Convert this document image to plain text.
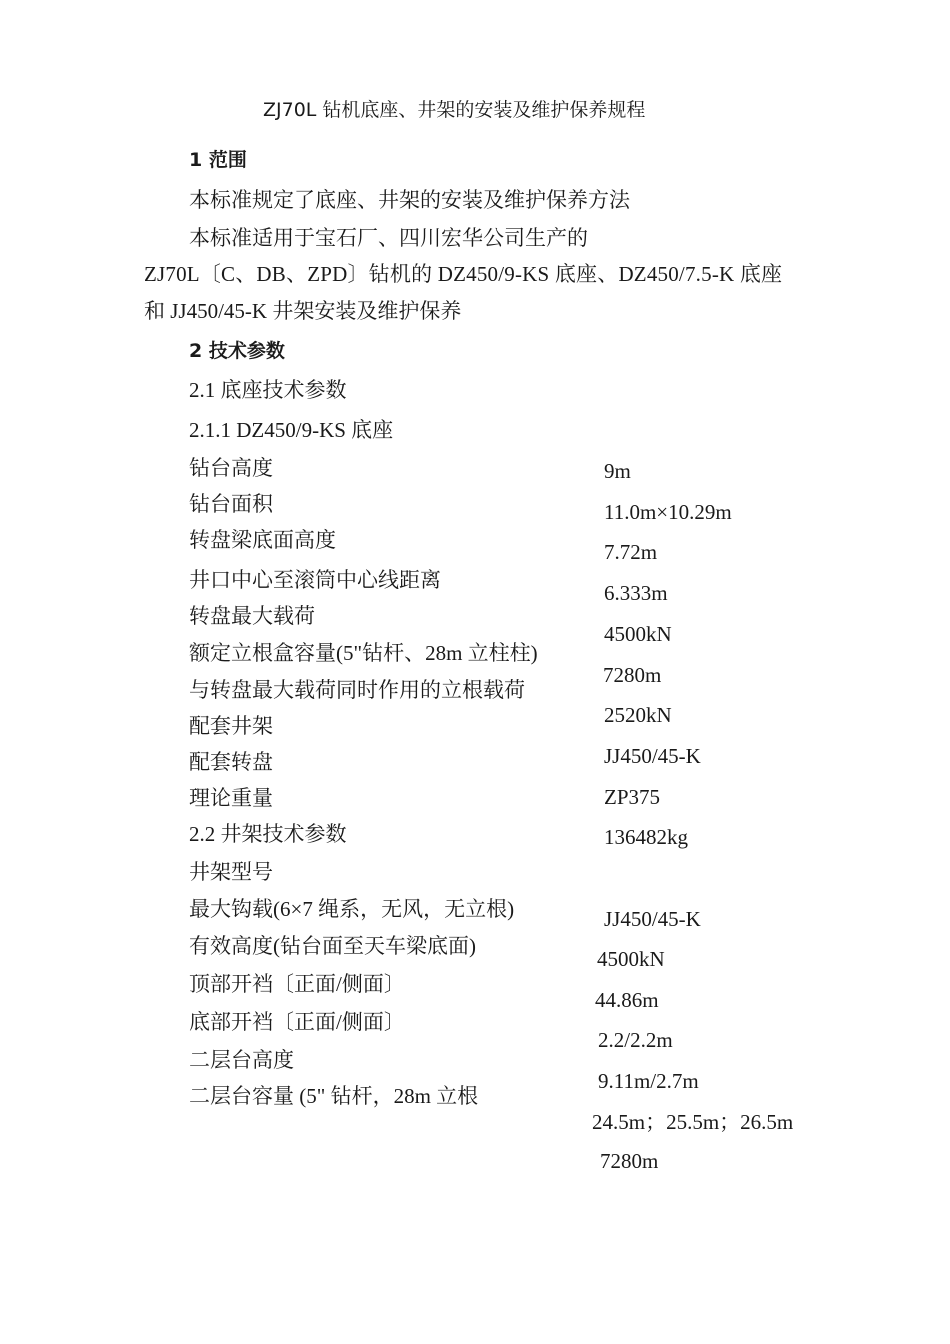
ZJ70L 钻机底座、井架的安装及维护保养规程
1 范围
本标准规定了底座、井架的安装及维护保养方法
本标准适用于宝石厂、四川宏华公司生产的
ZJ70L〔C、DB、ZPD〕钻机的 DZ450/9-KS 底座、DZ450/7.5-K 底座
和 JJ450/45-K 井架安装及维护保养
2 技术参数
2.1 底座技术参数
2.1.1 DZ450/9-KS 底座
钻台高度
钻台面积
转盘梁底面高度
井口中心至滚筒中心线距离
转盘最大载荷
额定立根盒容量(5"钻杆、28m 立柱柱)
与转盘最大载荷同时作用的立根载荷
配套井架
配套转盘
理论重量
2.2 井架技术参数
井架型号
最大钩载(6×7 绳系，无风，无立根)
有效高度(钻台面至天车梁底面)
顶部开裆〔正面/侧面〕
底部开裆〔正面/侧面〕
二层台高度
二层台容量 (5" 钻杆，28m 立根
9m
11.0m×10.29m
7.72m
6.333m
4500kN
7280m
2520kN
JJ450/45-K
ZP375
136482kg
JJ450/45-K
4500kN
44.86m
2.2/2.2m
9.11m/2.7m
24.5m；25.5m；26.5m
7280m
